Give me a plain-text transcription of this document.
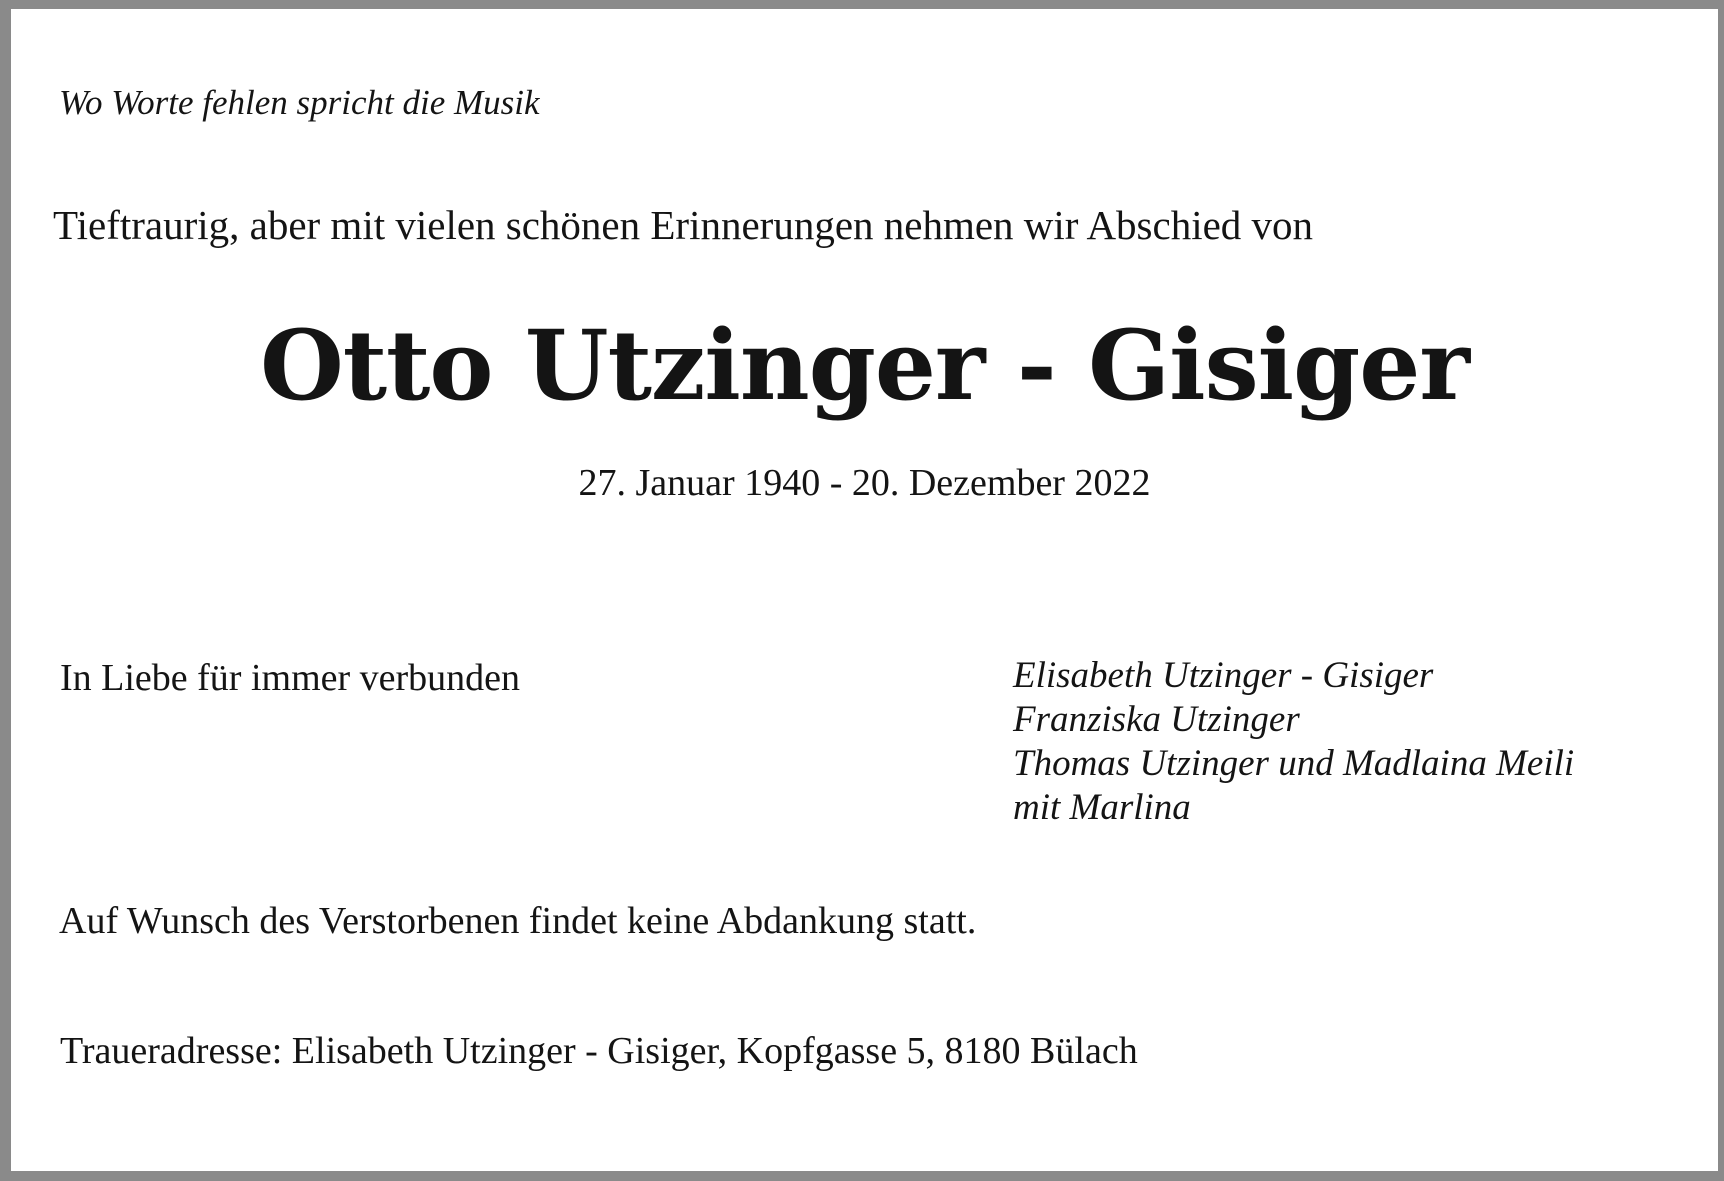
Wo Worte fehlen spricht die Musik

Tieftraurig, aber mit vielen schönen Erinnerungen nehmen wir Abschied von

Otto Utzinger - Gisiger

27. Januar 1940 - 20. Dezember 2022

In Liebe für immer verbunden	Elisabeth Utzinger - Gisiger
Franziska Utzinger
Thomas Utzinger und Madlaina Meili
mit Marlina

Auf Wunsch des Verstorbenen findet keine Abdankung statt.

Traueradresse: Elisabeth Utzinger - Gisiger, Kopfgasse 5, 8180 Bülach
